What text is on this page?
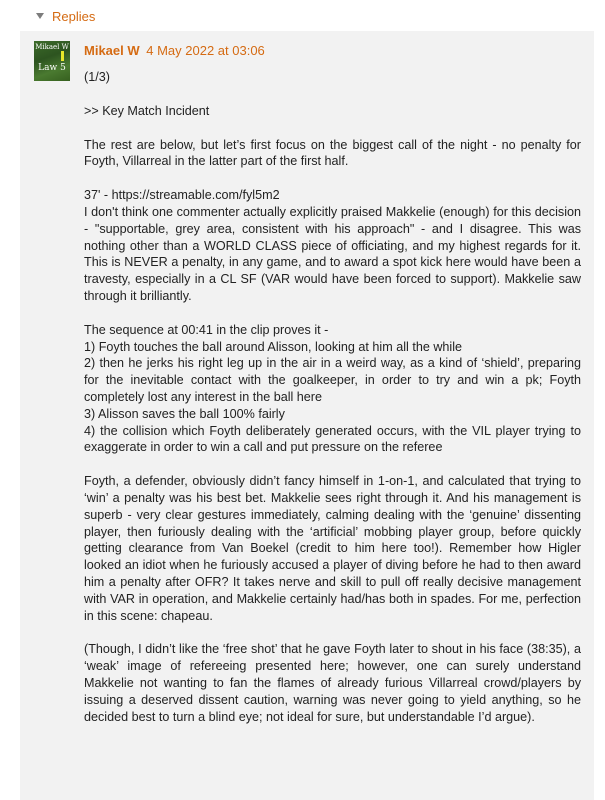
Replies
Mikael W
Law 5
Mikael W 4 May 2022 at 03:06

(1/3)

>> Key Match Incident

The rest are below, but let’s first focus on the biggest call of the night - no penalty for Foyth, Villarreal in the latter part of the first half.

37' - https://streamable.com/fyl5m2
I don't think one commenter actually explicitly praised Makkelie (enough) for this decision - "supportable, grey area, consistent with his approach" - and I disagree. This was nothing other than a WORLD CLASS piece of officiating, and my highest regards for it. This is NEVER a penalty, in any game, and to award a spot kick here would have been a travesty, especially in a CL SF (VAR would have been forced to support). Makkelie saw through it brilliantly.

The sequence at 00:41 in the clip proves it -
1) Foyth touches the ball around Alisson, looking at him all the while
2) then he jerks his right leg up in the air in a weird way, as a kind of ‘shield’, preparing for the inevitable contact with the goalkeeper, in order to try and win a pk; Foyth completely lost any interest in the ball here
3) Alisson saves the ball 100% fairly
4) the collision which Foyth deliberately generated occurs, with the VIL player trying to exaggerate in order to win a call and put pressure on the referee

Foyth, a defender, obviously didn’t fancy himself in 1-on-1, and calculated that trying to ‘win’ a penalty was his best bet. Makkelie sees right through it. And his management is superb - very clear gestures immediately, calming dealing with the ‘genuine’ dissenting player, then furiously dealing with the ‘artificial’ mobbing player group, before quickly getting clearance from Van Boekel (credit to him here too!). Remember how Higler looked an idiot when he furiously accused a player of diving before he had to then award him a penalty after OFR? It takes nerve and skill to pull off really decisive management with VAR in operation, and Makkelie certainly had/has both in spades. For me, perfection in this scene: chapeau.

(Though, I didn’t like the ‘free shot’ that he gave Foyth later to shout in his face (38:35), a ‘weak’ image of refereeing presented here; however, one can surely understand Makkelie not wanting to fan the flames of already furious Villarreal crowd/players by issuing a deserved dissent caution, warning was never going to yield anything, so he decided best to turn a blind eye; not ideal for sure, but understandable I’d argue).
